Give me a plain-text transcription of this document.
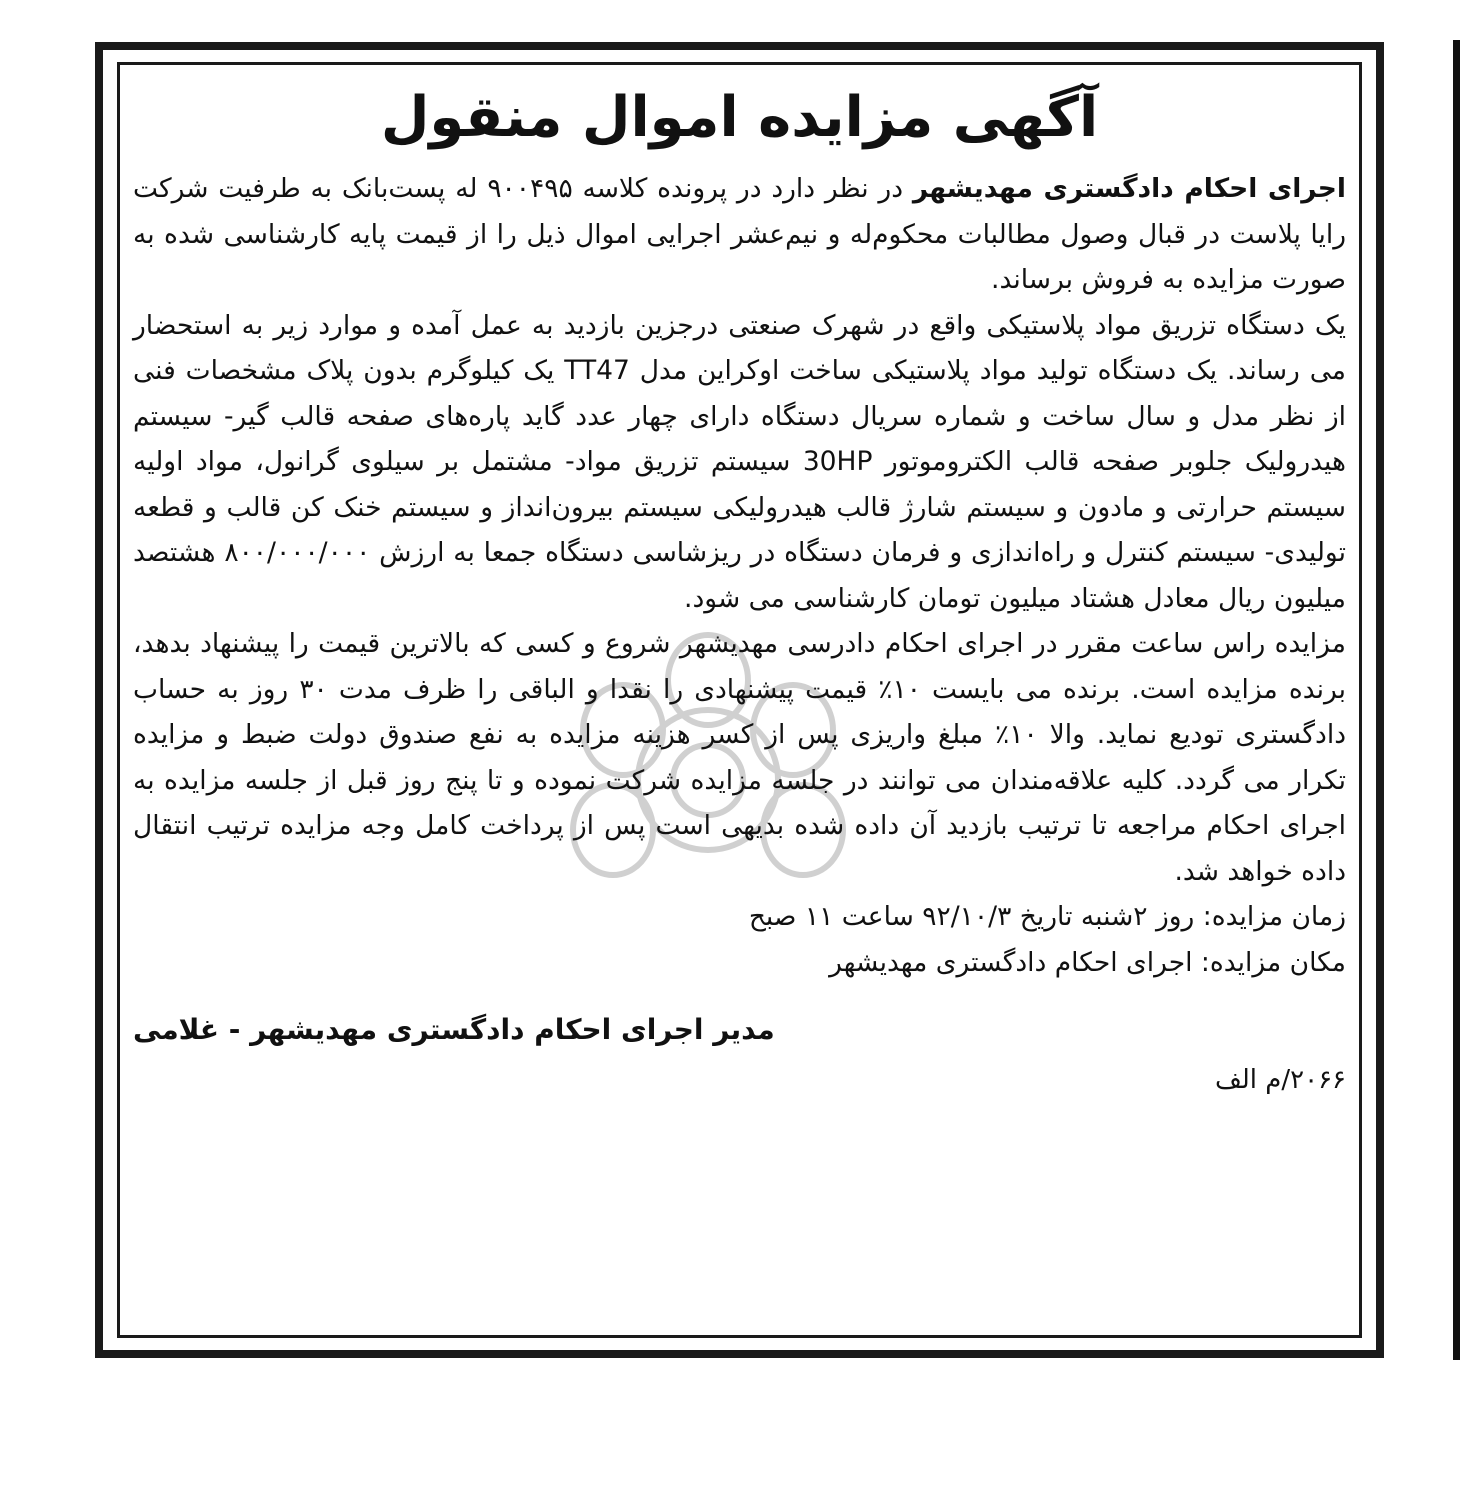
آگهی مزایده اموال منقول

اجرای احکام دادگستری مهدیشهر در نظر دارد در پرونده کلاسه ۹۰۰۴۹۵ له پست‌بانک به طرفیت شرکت رایا پلاست در قبال وصول مطالبات محکوم‌له و نیم‌عشر اجرایی اموال ذیل را از قیمت پایه کارشناسی شده به صورت مزایده به فروش برساند.

یک دستگاه تزریق مواد پلاستیکی واقع در شهرک صنعتی درجزین بازدید به عمل آمده و موارد زیر به استحضار می رساند. یک دستگاه تولید مواد پلاستیکی ساخت اوکراین مدل TT47 یک کیلوگرم بدون پلاک مشخصات فنی از نظر مدل و سال ساخت و شماره سریال دستگاه دارای چهار عدد گاید پاره‌های صفحه قالب گیر- سیستم هیدرولیک جلوبر صفحه قالب الکتروموتور 30HP سیستم تزریق مواد- مشتمل بر سیلوی گرانول، مواد اولیه سیستم حرارتی و مادون و سیستم شارژ قالب هیدرولیکی سیستم بیرون‌انداز و سیستم خنک کن قالب و قطعه تولیدی- سیستم کنترل و راه‌اندازی و فرمان دستگاه در ریزشاسی دستگاه جمعا به ارزش ۸۰۰/۰۰۰/۰۰۰ هشتصد میلیون ریال معادل هشتاد میلیون تومان کارشناسی می شود.

مزایده راس ساعت مقرر در اجرای احکام دادرسی مهدیشهر شروع و کسی که بالا‌ترین قیمت را پیشنهاد بدهد، برنده مزایده است. برنده می بایست ۱۰٪ قیمت پیشنهادی را نقدا و الباقی را ظرف مدت ۳۰ روز به حساب دادگستری تودیع نماید. والا ۱۰٪ مبلغ واریزی پس از کسر هزینه مزایده به نفع صندوق دولت ضبط و مزایده تکرار می گردد. کلیه علاقه‌مندان می توانند در جلسه مزایده شرکت نموده و تا پنج روز قبل از جلسه مزایده به اجرای احکام مراجعه تا ترتیب بازدید آن داده شده بدیهی است پس از پرداخت کامل وجه مزایده ترتیب انتقال داده خواهد شد.

زمان مزایده: روز ۲شنبه تاریخ ۹۲/۱۰/۳ ساعت ۱۱ صبح

مکان مزایده: اجرای احکام دادگستری مهدیشهر

مدیر اجرای احکام دادگستری مهدیشهر - غلامی

۲۰۶۶/م الف
